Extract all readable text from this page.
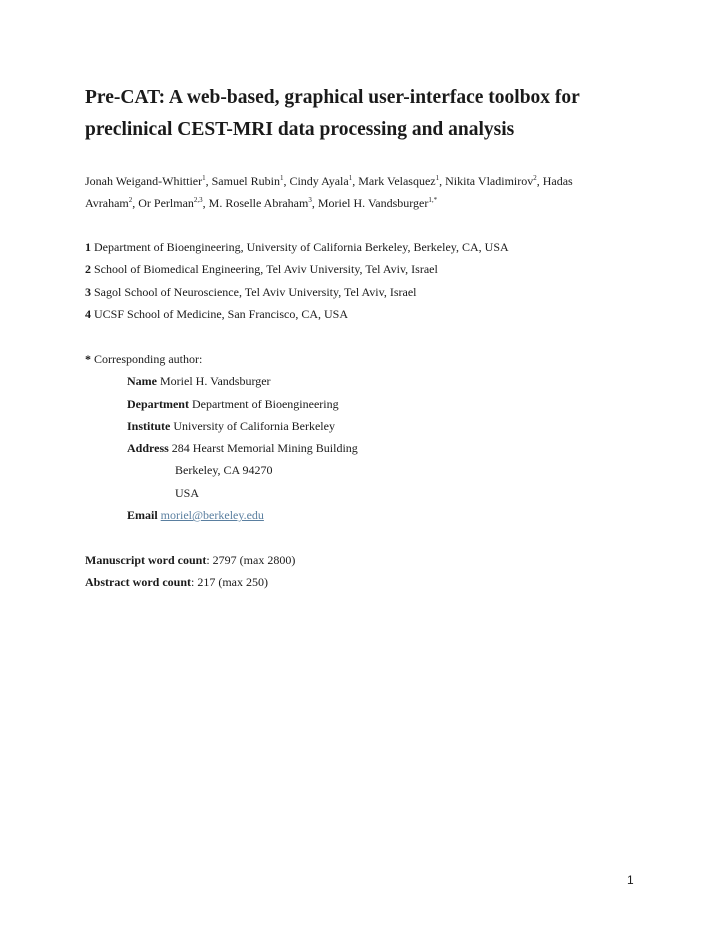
Pre-CAT: A web-based, graphical user-interface toolbox for
preclinical CEST-MRI data processing and analysis
Jonah Weigand-Whittier$^1$, Samuel Rubin$^1$, Cindy Ayala$^1$, Mark Velasquez$^1$, Nikita Vladimirov$^2$, Hadas
Avraham$^2$, Or Perlman$^{2,3}$, M. Roselle Abraham$^3$, Moriel H. Vandsburger$^{1,*}$
1 Department of Bioengineering, University of California Berkeley, Berkeley, CA, USA
2 School of Biomedical Engineering, Tel Aviv University, Tel Aviv, Israel
3 Sagol School of Neuroscience, Tel Aviv University, Tel Aviv, Israel
4 UCSF School of Medicine, San Francisco, CA, USA
* Corresponding author:
Name Moriel H. Vandsburger
Department Department of Bioengineering
Institute University of California Berkeley
Address 284 Hearst Memorial Mining Building
Berkeley, CA 94270
USA
Email moriel@berkeley.edu
Manuscript word count: 2797 (max 2800)
Abstract word count: 217 (max 250)
1
